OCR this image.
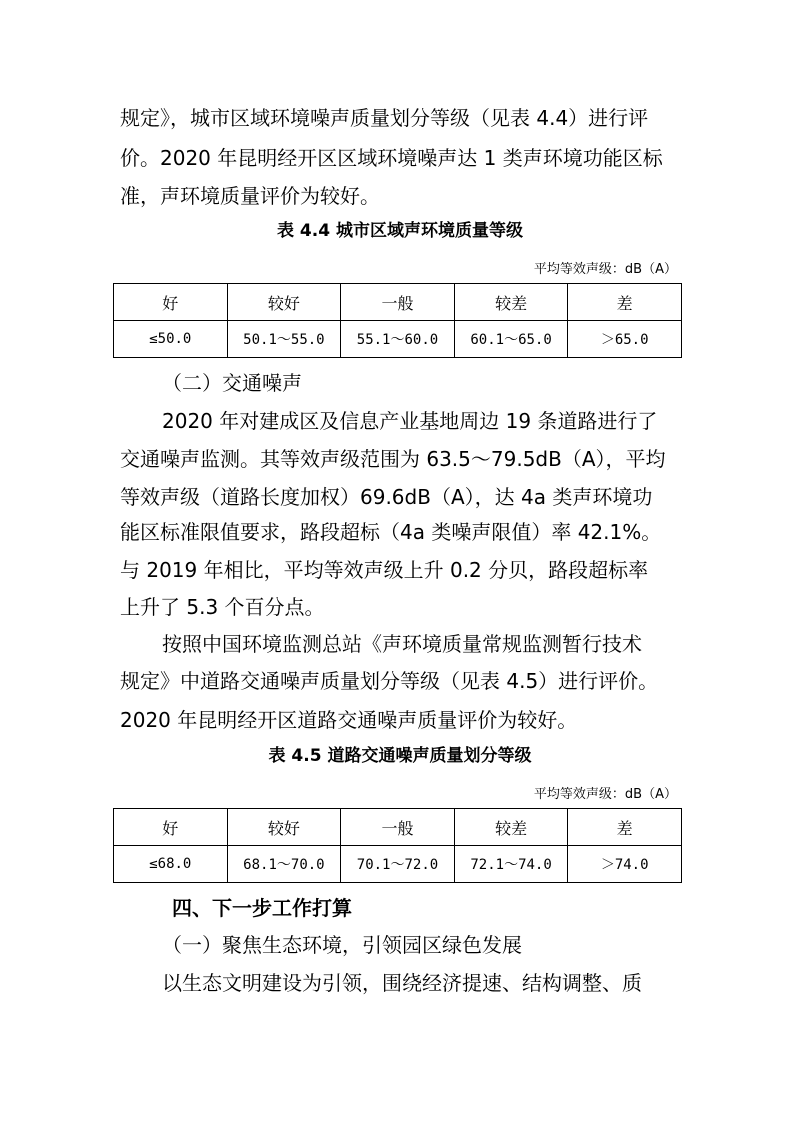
规定》，城市区域环境噪声质量划分等级（见表 4.4）进行评
价。2020 年昆明经开区区域环境噪声达 1 类声环境功能区标
准，声环境质量评价为较好。
表 4.4 城市区域声环境质量等级
平均等效声级：dB（A）
好	较好	一般	较差	差
≤50.0	50.1～55.0	55.1～60.0	60.1～65.0	＞65.0
（二）交通噪声
2020 年对建成区及信息产业基地周边 19 条道路进行了
交通噪声监测。其等效声级范围为 63.5～79.5dB（A），平均
等效声级（道路长度加权）69.6dB（A），达 4a 类声环境功
能区标准限值要求，路段超标（4a 类噪声限值）率 42.1%。
与 2019 年相比，平均等效声级上升 0.2 分贝，路段超标率
上升了 5.3 个百分点。
按照中国环境监测总站《声环境质量常规监测暂行技术
规定》中道路交通噪声质量划分等级（见表 4.5）进行评价。
2020 年昆明经开区道路交通噪声质量评价为较好。
表 4.5 道路交通噪声质量划分等级
平均等效声级：dB（A）
好	较好	一般	较差	差
≤68.0	68.1～70.0	70.1～72.0	72.1～74.0	＞74.0
四、下一步工作打算
（一）聚焦生态环境，引领园区绿色发展
以生态文明建设为引领，围绕经济提速、结构调整、质
